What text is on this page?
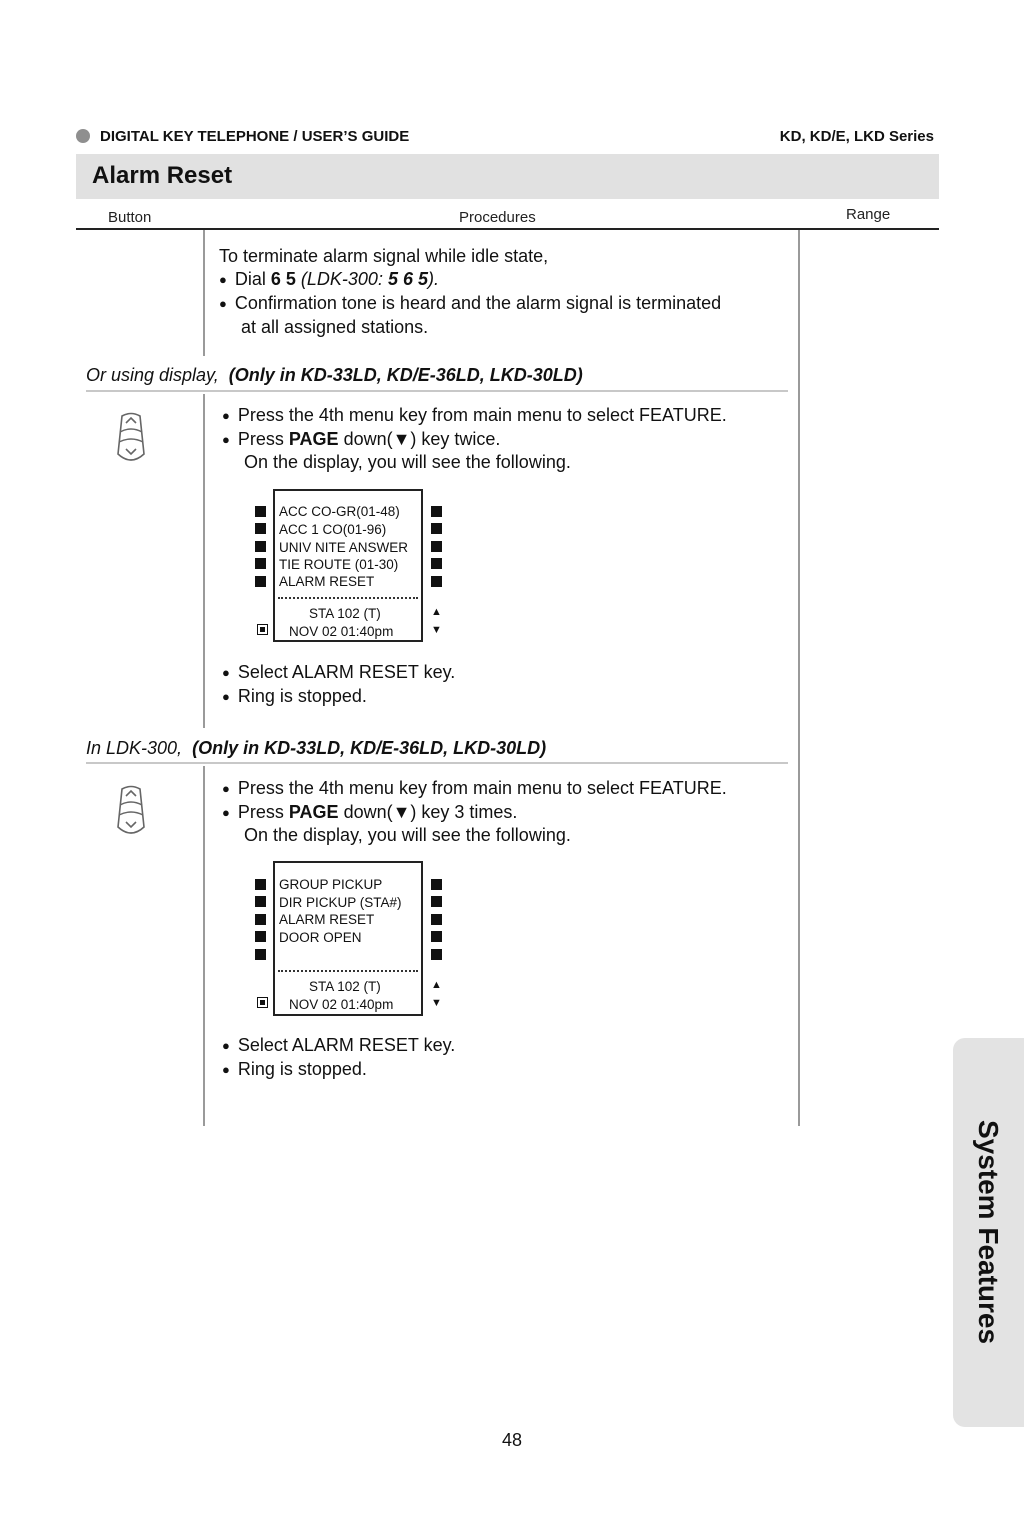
DIGITAL KEY TELEPHONE / USER’S GUIDE	KD, KD/E, LKD Series
Alarm Reset
Button	Procedures	Range
To terminate alarm signal while idle state,
● Dial 6 5 (LDK-300: 5 6 5).
● Confirmation tone is heard and the alarm signal is terminated
at all assigned stations.
Or using display, (Only in KD-33LD, KD/E-36LD, LKD-30LD)
● Press the 4th menu key from main menu to select FEATURE.
● Press PAGE down(▼) key twice.
On the display, you will see the following.
ACC CO-GR(01-48)
ACC 1 CO(01-96)
UNIV NITE ANSWER
TIE ROUTE (01-30)
ALARM RESET
STA 102 (T)
NOV 02 01:40pm
▲
▼
● Select ALARM RESET key.
● Ring is stopped.
In LDK-300, (Only in KD-33LD, KD/E-36LD, LKD-30LD)
● Press the 4th menu key from main menu to select FEATURE.
● Press PAGE down(▼) key 3 times.
On the display, you will see the following.
GROUP PICKUP
DIR PICKUP (STA#)
ALARM RESET
DOOR OPEN
STA 102 (T)
NOV 02 01:40pm
▲
▼
● Select ALARM RESET key.
● Ring is stopped.
System Features
48
